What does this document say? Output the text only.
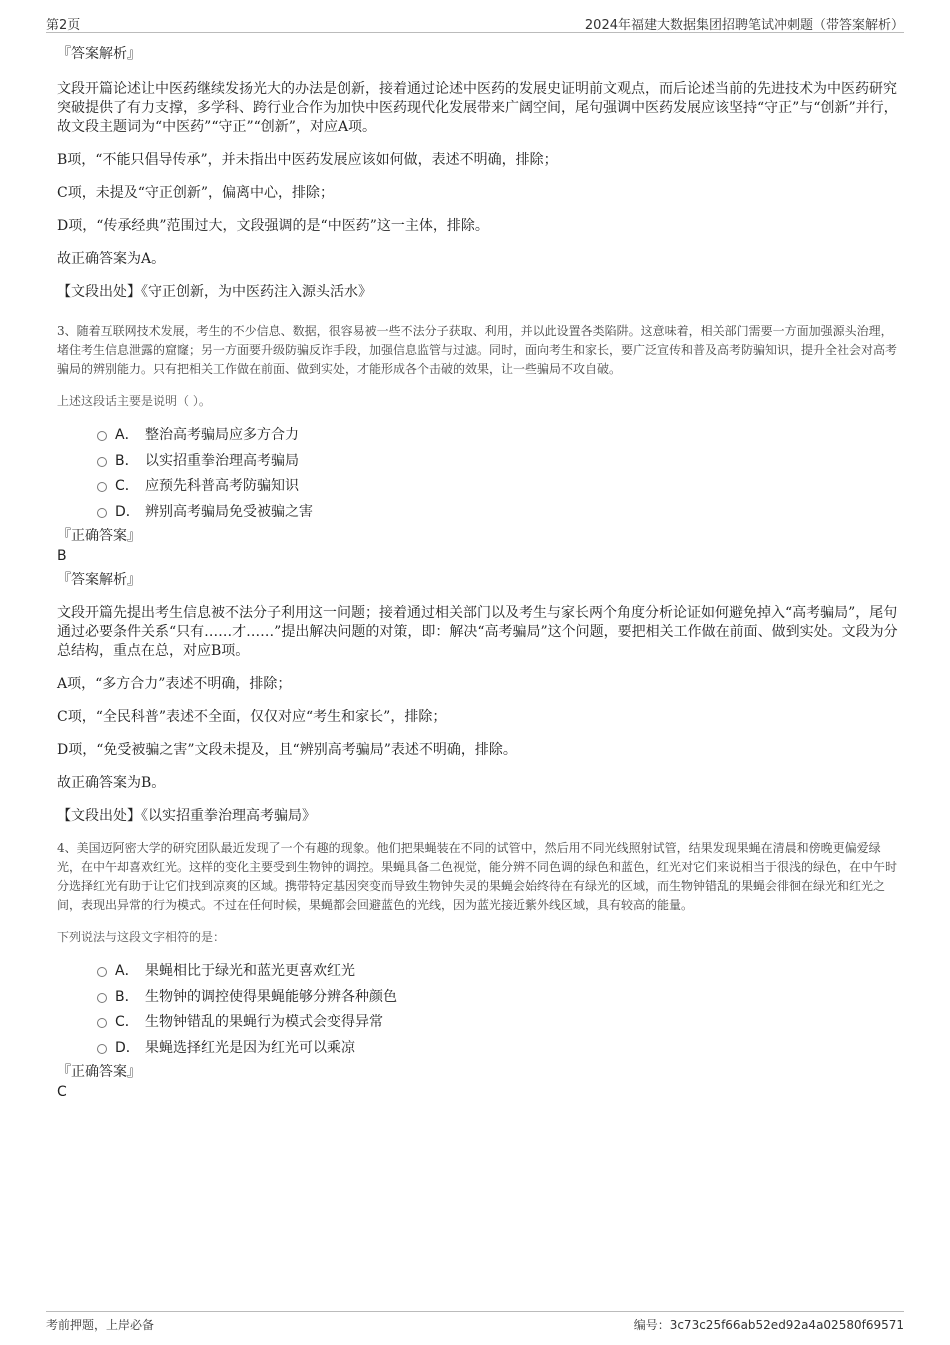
第2页	2024年福建大数据集团招聘笔试冲刺题（带答案解析）

『答案解析』

文段开篇论述让中医药继续发扬光大的办法是创新，接着通过论述中医药的发展史证明前文观点，而后论述当前的先进技术为中医药研究突破提供了有力支撑，多学科、跨行业合作为加快中医药现代化发展带来广阔空间，尾句强调中医药发展应该坚持“守正”与“创新”并行，故文段主题词为“中医药”“守正”“创新”，对应A项。

B项，“不能只倡导传承”，并未指出中医药发展应该如何做，表述不明确，排除；

C项，未提及“守正创新”，偏离中心，排除；

D项，“传承经典”范围过大，文段强调的是“中医药”这一主体，排除。

故正确答案为A。

【文段出处】《守正创新，为中医药注入源头活水》

3、随着互联网技术发展，考生的不少信息、数据，很容易被一些不法分子获取、利用，并以此设置各类陷阱。这意味着，相关部门需要一方面加强源头治理，堵住考生信息泄露的窟窿；另一方面要升级防骗反诈手段，加强信息监管与过滤。同时，面向考生和家长，要广泛宣传和普及高考防骗知识，提升全社会对高考骗局的辨别能力。只有把相关工作做在前面、做到实处，才能形成各个击破的效果，让一些骗局不攻自破。

上述这段话主要是说明（ ）。

A． 整治高考骗局应多方合力
B． 以实招重拳治理高考骗局
C． 应预先科普高考防骗知识
D． 辨别高考骗局免受被骗之害

『正确答案』

B

『答案解析』

文段开篇先提出考生信息被不法分子利用这一问题；接着通过相关部门以及考生与家长两个角度分析论证如何避免掉入“高考骗局”，尾句通过必要条件关系“只有……才……”提出解决问题的对策，即：解决“高考骗局”这个问题，要把相关工作做在前面、做到实处。文段为分总结构，重点在总，对应B项。

A项，“多方合力”表述不明确，排除；

C项，“全民科普”表述不全面，仅仅对应“考生和家长”，排除；

D项，“免受被骗之害”文段未提及，且“辨别高考骗局”表述不明确，排除。

故正确答案为B。

【文段出处】《以实招重拳治理高考骗局》

4、美国迈阿密大学的研究团队最近发现了一个有趣的现象。他们把果蝇装在不同的试管中，然后用不同光线照射试管，结果发现果蝇在清晨和傍晚更偏爱绿光，在中午却喜欢红光。这样的变化主要受到生物钟的调控。果蝇具备二色视觉，能分辨不同色调的绿色和蓝色，红光对它们来说相当于很浅的绿色，在中午时分选择红光有助于让它们找到凉爽的区域。携带特定基因突变而导致生物钟失灵的果蝇会始终待在有绿光的区域，而生物钟错乱的果蝇会徘徊在绿光和红光之间，表现出异常的行为模式。不过在任何时候，果蝇都会回避蓝色的光线，因为蓝光接近紫外线区域，具有较高的能量。

下列说法与这段文字相符的是：

A． 果蝇相比于绿光和蓝光更喜欢红光
B． 生物钟的调控使得果蝇能够分辨各种颜色
C． 生物钟错乱的果蝇行为模式会变得异常
D． 果蝇选择红光是因为红光可以乘凉

『正确答案』

C

考前押题，上岸必备	编号：3c73c25f66ab52ed92a4a02580f69571
